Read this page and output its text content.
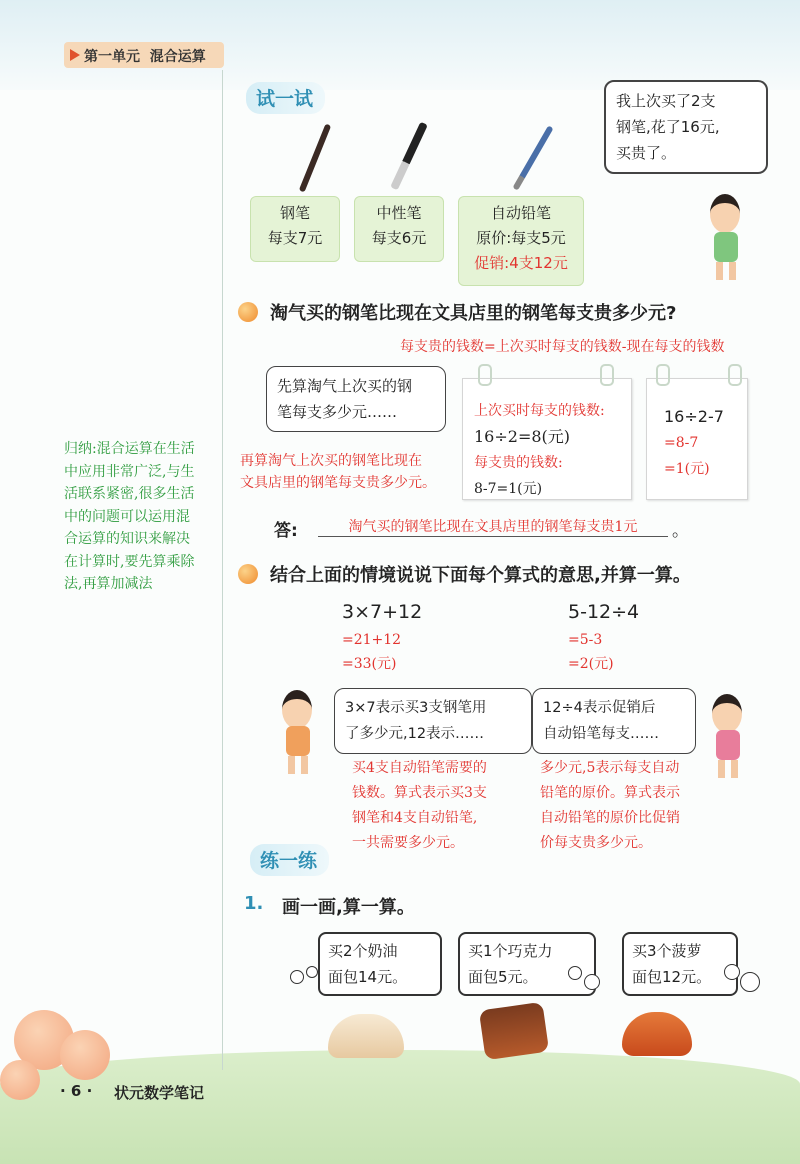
第一单元 混合运算
试一试
钢笔
每支7元
中性笔
每支6元
自动铅笔
原价:每支5元
促销:4支12元
我上次买了2支
钢笔,花了16元,
买贵了。
淘气买的钢笔比现在文具店里的钢笔每支贵多少元?
每支贵的钱数=上次买时每支的钱数-现在每支的钱数
先算淘气上次买的钢
笔每支多少元……
再算淘气上次买的钢笔比现在
文具店里的钢笔每支贵多少元。
上次买时每支的钱数:
16÷2=8(元)
每支贵的钱数:
8-7=1(元)
16÷2-7
=8-7
=1(元)
答:	淘气买的钢笔比现在文具店里的钢笔每支贵1元	。
归纳:混合运算在生活
中应用非常广泛,与生
活联系紧密,很多生活
中的问题可以运用混
合运算的知识来解决
在计算时,要先算乘除
法,再算加减法	结合上面的情境说说下面每个算式的意思,并算一算。
3×7+12
=21+12
=33(元)
5-12÷4
=5-3
=2(元)
3×7表示买3支钢笔用
了多少元,12表示……
买4支自动铅笔需要的
钱数。算式表示买3支
钢笔和4支自动铅笔,
一共需要多少元。
12÷4表示促销后
自动铅笔每支……
多少元,5表示每支自动
铅笔的原价。算式表示
自动铅笔的原价比促销
价每支贵多少元。
练一练
1. 画一画,算一算。
买2个奶油
面包14元。
买1个巧克力
面包5元。
买3个菠萝
面包12元。
· 6 · 状元数学笔记
